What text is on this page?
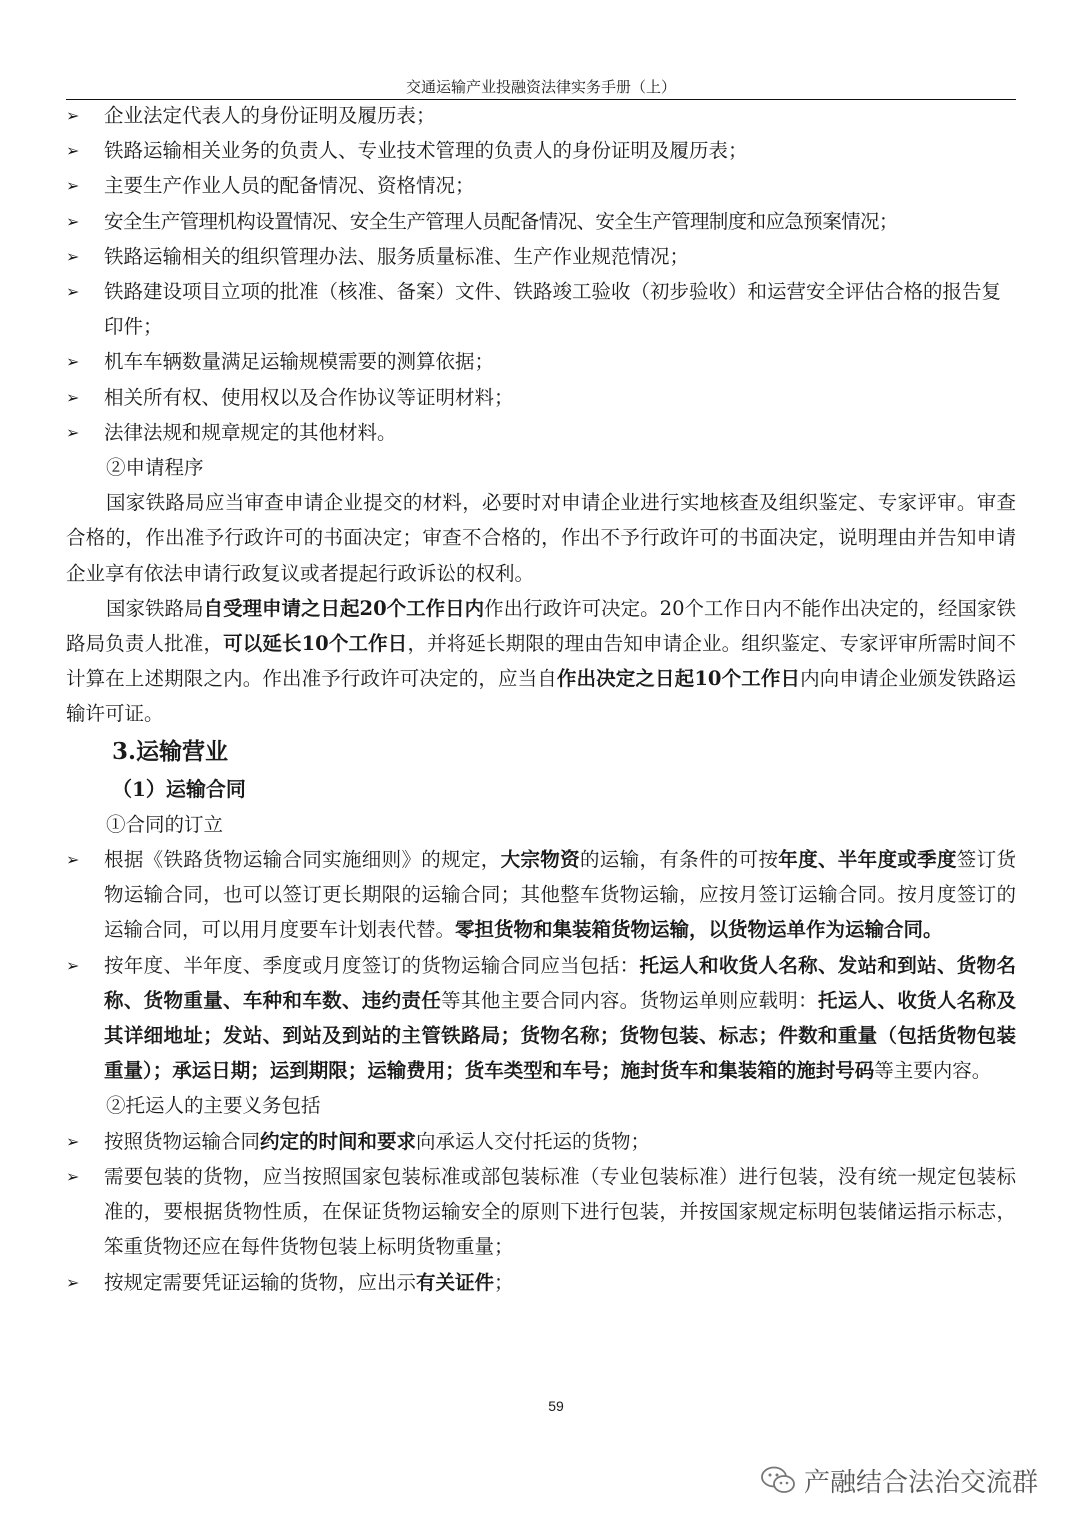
交通运输产业投融资法律实务手册（上）
➢	企业法定代表人的身份证明及履历表；
➢	铁路运输相关业务的负责人、专业技术管理的负责人的身份证明及履历表；
➢	主要生产作业人员的配备情况、资格情况；
➢	安全生产管理机构设置情况、安全生产管理人员配备情况、安全生产管理制度和应急预案情况；
➢	铁路运输相关的组织管理办法、服务质量标准、生产作业规范情况；
➢	铁路建设项目立项的批准（核准、备案）文件、铁路竣工验收（初步验收）和运营安全评估合格的报告复印件；
➢	机车车辆数量满足运输规模需要的测算依据；
➢	相关所有权、使用权以及合作协议等证明材料；
➢	法律法规和规章规定的其他材料。
②申请程序
国家铁路局应当审查申请企业提交的材料，必要时对申请企业进行实地核查及组织鉴定、专家评审。审查合格的，作出准予行政许可的书面决定；审查不合格的，作出不予行政许可的书面决定，说明理由并告知申请企业享有依法申请行政复议或者提起行政诉讼的权利。
国家铁路局自受理申请之日起20个工作日内作出行政许可决定。20个工作日内不能作出决定的，经国家铁路局负责人批准，可以延长10个工作日，并将延长期限的理由告知申请企业。组织鉴定、专家评审所需时间不计算在上述期限之内。作出准予行政许可决定的，应当自作出决定之日起10个工作日内向申请企业颁发铁路运输许可证。
3.运输营业
（1）运输合同
①合同的订立
➢	根据《铁路货物运输合同实施细则》的规定，大宗物资的运输，有条件的可按年度、半年度或季度签订货物运输合同，也可以签订更长期限的运输合同；其他整车货物运输，应按月签订运输合同。按月度签订的运输合同，可以用月度要车计划表代替。零担货物和集装箱货物运输，以货物运单作为运输合同。
➢	按年度、半年度、季度或月度签订的货物运输合同应当包括：托运人和收货人名称、发站和到站、货物名称、货物重量、车种和车数、违约责任等其他主要合同内容。货物运单则应载明：托运人、收货人名称及其详细地址；发站、到站及到站的主管铁路局；货物名称；货物包装、标志；件数和重量（包括货物包装重量）；承运日期；运到期限；运输费用；货车类型和车号；施封货车和集装箱的施封号码等主要内容。
②托运人的主要义务包括
➢	按照货物运输合同约定的时间和要求向承运人交付托运的货物；
➢	需要包装的货物，应当按照国家包装标准或部包装标准（专业包装标准）进行包装，没有统一规定包装标准的，要根据货物性质，在保证货物运输安全的原则下进行包装，并按国家规定标明包装储运指示标志，笨重货物还应在每件货物包装上标明货物重量；
➢	按规定需要凭证运输的货物，应出示有关证件；
59
产融结合法治交流群
